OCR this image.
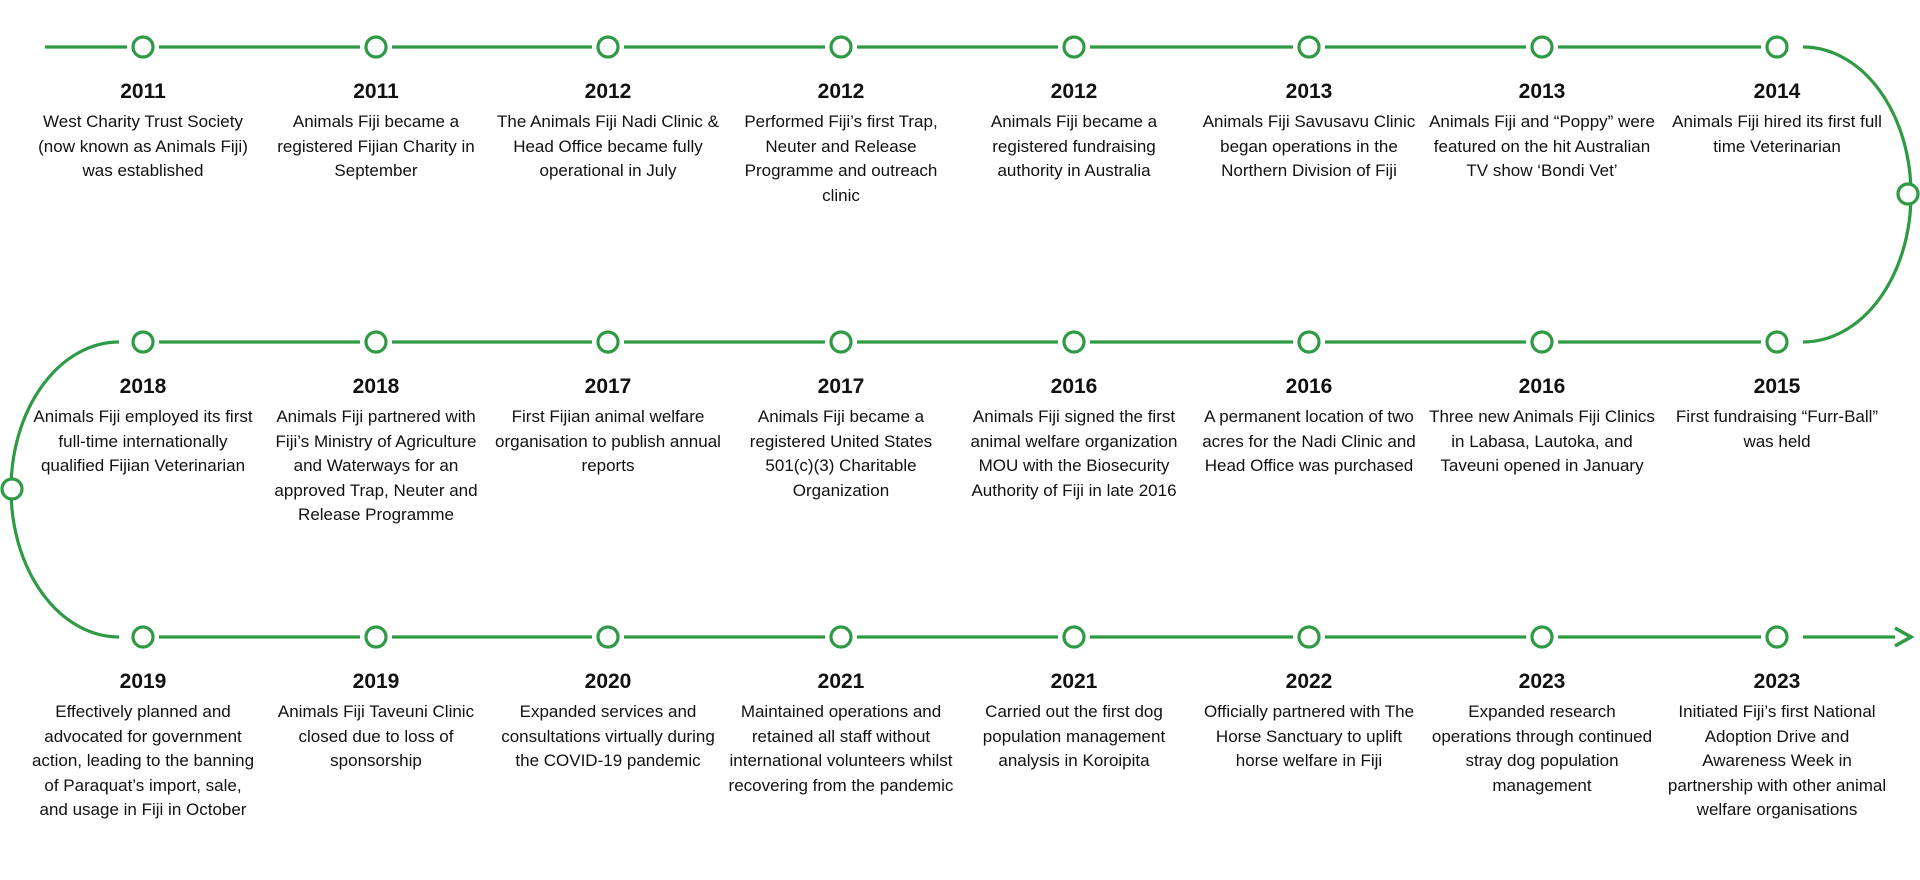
2011
West Charity Trust Society (now known as Animals Fiji) was established
2011
Animals Fiji became a registered Fijian Charity in September
2012
The Animals Fiji Nadi Clinic & Head Office became fully operational in July
2012
Performed Fiji’s first Trap, Neuter and Release Programme and outreach clinic
2012
Animals Fiji became a registered fundraising authority in Australia
2013
Animals Fiji Savusavu Clinic began operations in the Northern Division of Fiji
2013
Animals Fiji and “Poppy” were featured on the hit Australian TV show ‘Bondi Vet’
2014
Animals Fiji hired its first full time Veterinarian
2015
First fundraising “Furr-Ball” was held
2016
Three new Animals Fiji Clinics in Labasa, Lautoka, and Taveuni opened in January
2016
A permanent location of two acres for the Nadi Clinic and Head Office was purchased
2016
Animals Fiji signed the first animal welfare organization MOU with the Biosecurity Authority of Fiji in late 2016
2017
Animals Fiji became a registered United States 501(c)(3) Charitable Organization
2017
First Fijian animal welfare organisation to publish annual reports
2018
Animals Fiji partnered with Fiji’s Ministry of Agriculture and Waterways for an approved Trap, Neuter and Release Programme
2018
Animals Fiji employed its first full-time internationally qualified Fijian Veterinarian
2019
Effectively planned and advocated for government action, leading to the banning of Paraquat’s import, sale, and usage in Fiji in October
2019
Animals Fiji Taveuni Clinic closed due to loss of sponsorship
2020
Expanded services and consultations virtually during the COVID-19 pandemic
2021
Maintained operations and retained all staff without international volunteers whilst recovering from the pandemic
2021
Carried out the first dog population management analysis in Koroipita
2022
Officially partnered with The Horse Sanctuary to uplift horse welfare in Fiji
2023
Expanded research operations through continued stray dog population management
2023
Initiated Fiji’s first National Adoption Drive and Awareness Week in partnership with other animal welfare organisations
